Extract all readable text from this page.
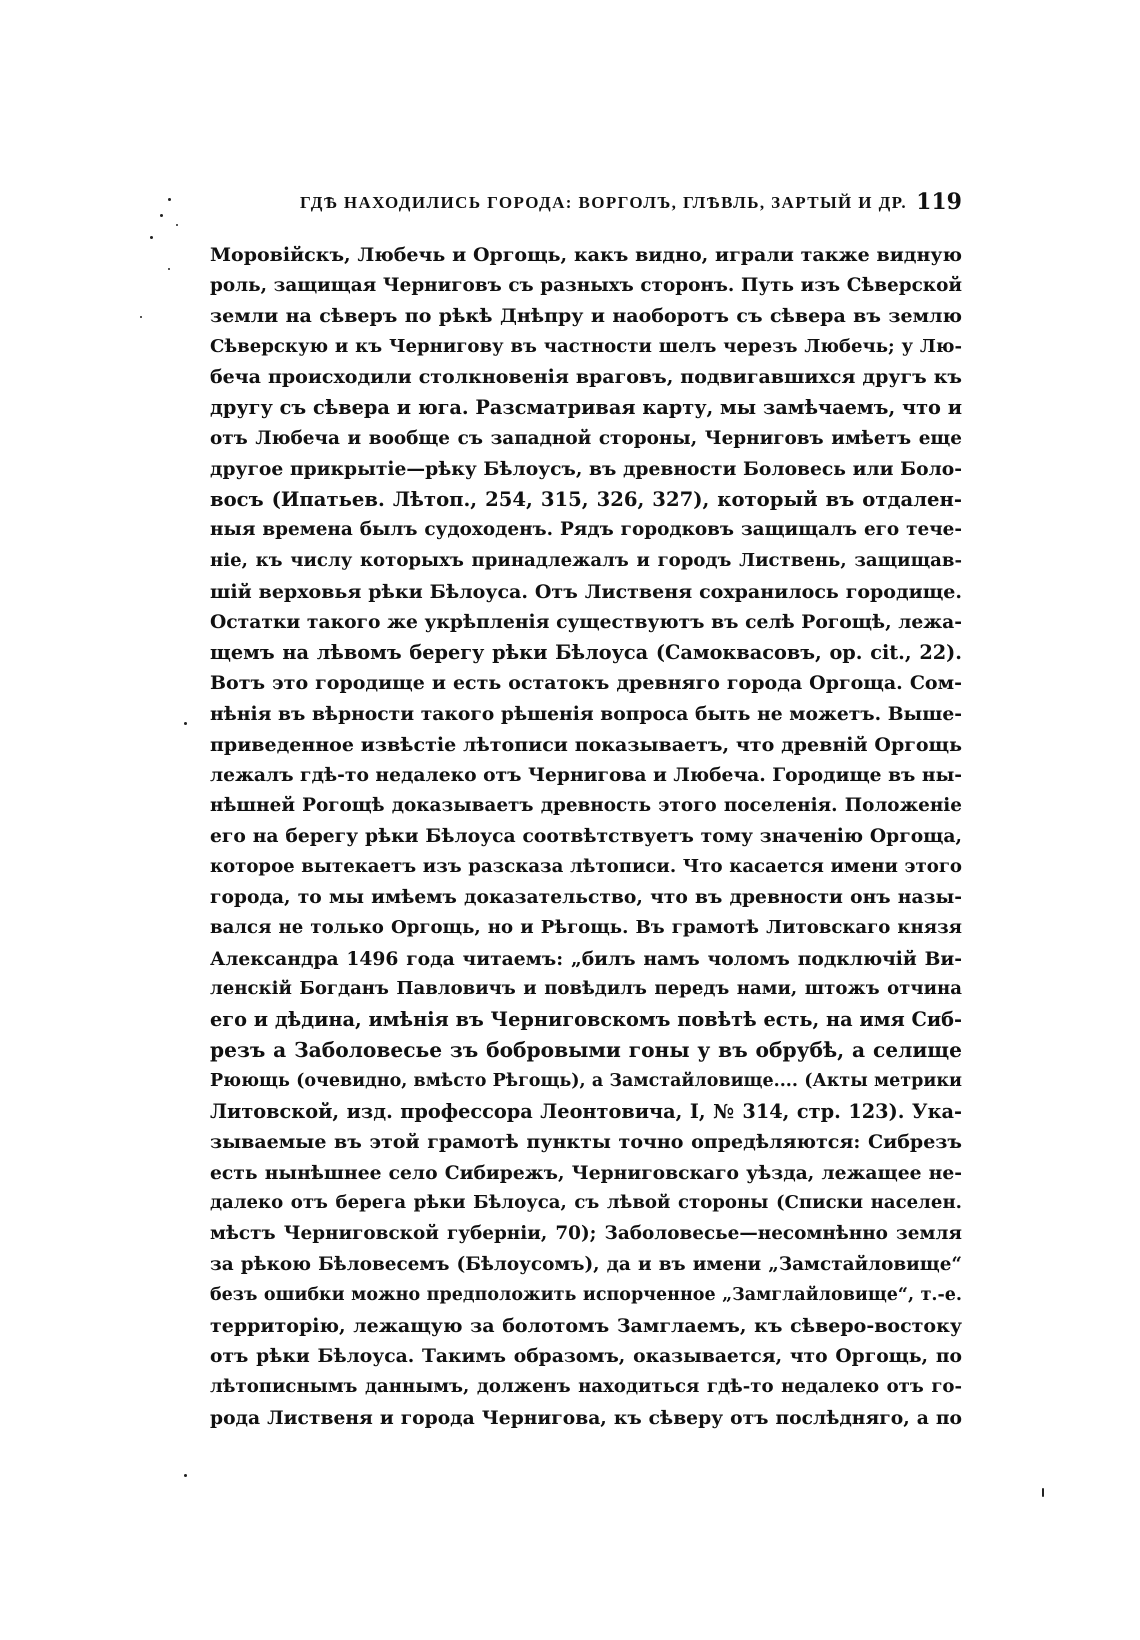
ГДѢ НАХОДИЛИСЬ ГОРОДА: ВОРГОЛЪ, ГЛѢВЛЬ, ЗАРТЫЙ И ДР. 119
Моровійскъ, Любечь и Оргощь, какъ видно, играли также видную
роль, защищая Черниговъ съ разныхъ сторонъ. Путь изъ Сѣверской
земли на сѣверъ по рѣкѣ Днѣпру и наоборотъ съ сѣвера въ землю
Сѣверскую и къ Чернигову въ частности шелъ черезъ Любечь; у Лю-
беча происходили столкновенія враговъ, подвигавшихся другъ къ
другу съ сѣвера и юга. Разсматривая карту, мы замѣчаемъ, что и
отъ Любеча и вообще съ западной стороны, Черниговъ имѣетъ еще
другое прикрытіе—рѣку Бѣлоусъ, въ древности Боловесь или Боло-
восъ (Ипатьев. Лѣтоп., 254, 315, 326, 327), который въ отдален-
ныя времена былъ судоходенъ. Рядъ городковъ защищалъ его тече-
ніе, къ числу которыхъ принадлежалъ и городъ Листвень, защищав-
шій верховья рѣки Бѣлоуса. Отъ Лиственя сохранилось городище.
Остатки такого же укрѣпленія существуютъ въ селѣ Рогощѣ, лежа-
щемъ на лѣвомъ берегу рѣки Бѣлоуса (Самоквасовъ, op. cit., 22).
Вотъ это городище и есть остатокъ древняго города Оргоща. Сом-
нѣнія въ вѣрности такого рѣшенія вопроса быть не можетъ. Выше-
приведенное извѣстіе лѣтописи показываетъ, что древній Оргощь
лежалъ гдѣ-то недалеко отъ Чернигова и Любеча. Городище въ ны-
нѣшней Рогощѣ доказываетъ древность этого поселенія. Положеніе
его на берегу рѣки Бѣлоуса соотвѣтствуетъ тому значенію Оргоща,
которое вытекаетъ изъ разсказа лѣтописи. Что касается имени этого
города, то мы имѣемъ доказательство, что въ древности онъ назы-
вался не только Оргощь, но и Рѣгощь. Въ грамотѣ Литовскаго князя
Александра 1496 года читаемъ: „билъ намъ чоломъ подключій Ви-
ленскій Богданъ Павловичъ и повѣдилъ передъ нами, штожъ отчина
его и дѣдина, имѣнія въ Черниговскомъ повѣтѣ есть, на имя Сиб-
резъ а Заболовесье зъ бобровыми гоны у въ обрубѣ, а селище
Рюющь (очевидно, вмѣсто Рѣгощь), а Замстайловище.... (Акты метрики
Литовской, изд. профессора Леонтовича, I, № 314, стр. 123). Ука-
зываемые въ этой грамотѣ пункты точно опредѣляются: Сибрезъ
есть нынѣшнее село Сибирежъ, Черниговскаго уѣзда, лежащее не-
далеко отъ берега рѣки Бѣлоуса, съ лѣвой стороны (Списки населен.
мѣстъ Черниговской губерніи, 70); Заболовесье—несомнѣнно земля
за рѣкою Бѣловесемъ (Бѣлоусомъ), да и въ имени „Замстайловище“
безъ ошибки можно предположить испорченное „Замглайловище“, т.-е.
территорію, лежащую за болотомъ Замглаемъ, къ сѣверо-востоку
отъ рѣки Бѣлоуса. Такимъ образомъ, оказывается, что Оргощь, по
лѣтописнымъ даннымъ, долженъ находиться гдѣ-то недалеко отъ го-
рода Лиственя и города Чернигова, къ сѣверу отъ послѣдняго, а по
